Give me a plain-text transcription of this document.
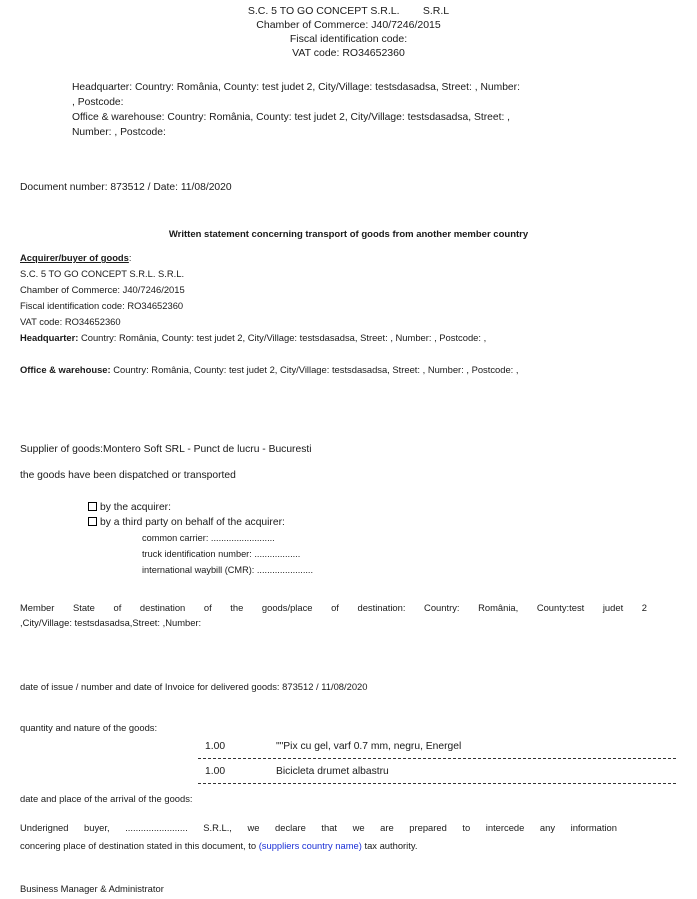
S.C. 5 TO GO CONCEPT S.R.L.        S.R.L
Chamber of Commerce: J40/7246/2015
Fiscal identification code:
VAT code: RO34652360
Headquarter: Country: România, County: test judet 2, City/Village: testsdasadsa, Street: , Number:
, Postcode:
Office & warehouse: Country: România, County: test judet 2, City/Village: testsdasadsa, Street: ,
Number: , Postcode:
Document number: 873512 / Date: 11/08/2020
Written statement concerning transport of goods from another member country
Acquirer/buyer of goods:
S.C. 5 TO GO CONCEPT S.R.L. S.R.L.
Chamber of Commerce: J40/7246/2015
Fiscal identification code: RO34652360
VAT code: RO34652360
Headquarter: Country: România, County: test judet 2, City/Village: testsdasadsa, Street: , Number: , Postcode: ,
Office & warehouse: Country: România, County: test judet 2, City/Village: testsdasadsa, Street: , Number: , Postcode: ,
Supplier of goods:Montero Soft SRL - Punct de lucru - Bucuresti
the goods have been dispatched or transported
by the acquirer:
by a third party on behalf of the acquirer:
common carrier: .........................
truck identification number: ..................
international waybill (CMR): ......................
Member State of destination of the goods/place of destination: Country: România, County:test judet 2
,City/Village: testsdasadsa,Street: ,Number:
date of issue / number and date of Invoice for delivered goods: 873512 / 11/08/2020
quantity and nature of the goods:
1.00	""Pix cu gel, varf 0.7 mm, negru, Energel
1.00	Bicicleta drumet albastru
date and place of the arrival of the goods:
Underigned buyer, ........................ S.R.L., we declare that we are prepared to intercede any information
concering place of destination stated in this document, to (suppliers country name) tax authority.
Business Manager & Administrator
